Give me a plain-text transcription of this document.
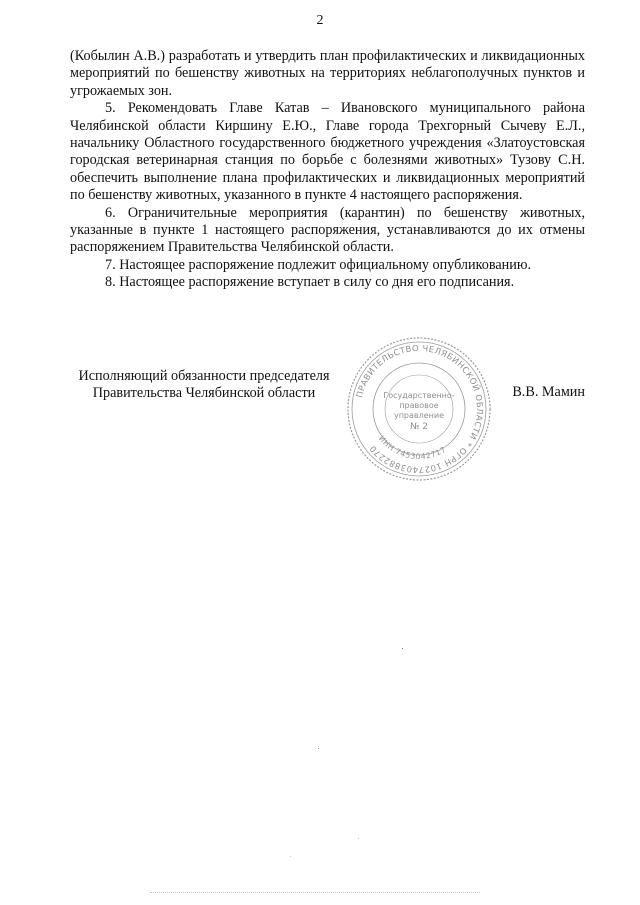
2

(Кобылин А.В.) разработать и утвердить план профилактических и ликвидационных мероприятий по бешенству животных на территориях неблагополучных пунктов и угрожаемых зон.

5. Рекомендовать Главе Катав – Ивановского муниципального района Челябинской области Киршину Е.Ю., Главе города Трехгорный Сычеву Е.Л., начальнику Областного государственного бюджетного учреждения «Златоустовская городская ветеринарная станция по борьбе с болезнями животных» Тузову С.Н. обеспечить выполнение плана профилактических и ликвидационных мероприятий по бешенству животных, указанного в пункте 4 настоящего распоряжения.

6. Ограничительные мероприятия (карантин) по бешенству животных, указанные в пункте 1 настоящего распоряжения, устанавливаются до их отмены распоряжением Правительства Челябинской области.

7. Настоящее распоряжение подлежит официальному опубликованию.

8. Настоящее распоряжение вступает в силу со дня его подписания.

Исполняющий обязанности председателя
Правительства Челябинской области	В.В. Мамин
ПРАВИТЕЛЬСТВО ЧЕЛЯБИНСКОЙ ОБЛАСТИ * ОГРН 1027403882270
ИНН 7453042717
Государственно-
правовое
управление
№ 2
